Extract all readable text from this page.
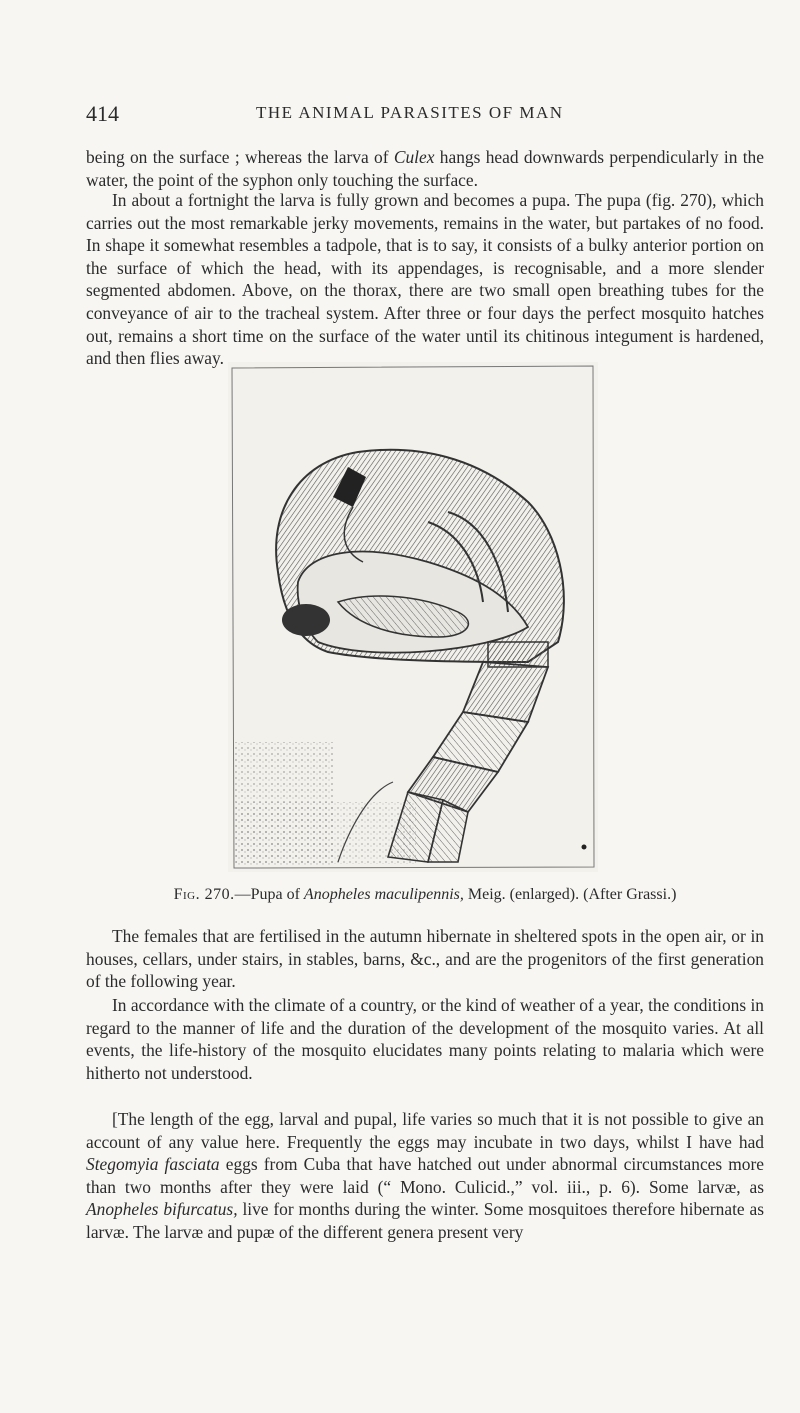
414	THE ANIMAL PARASITES OF MAN

being on the surface ; whereas the larva of Culex hangs head downwards perpendicularly in the water, the point of the syphon only touching the surface.

In about a fortnight the larva is fully grown and becomes a pupa. The pupa (fig. 270), which carries out the most remarkable jerky movements, remains in the water, but partakes of no food. In shape it somewhat resembles a tadpole, that is to say, it consists of a bulky anterior portion on the surface of which the head, with its appendages, is recognisable, and a more slender segmented abdomen. Above, on the thorax, there are two small open breathing tubes for the conveyance of air to the tracheal system. After three or four days the perfect mosquito hatches out, remains a short time on the surface of the water until its chitinous integument is hardened, and then flies away.

Fig. 270.—Pupa of Anopheles maculipennis, Meig. (enlarged). (After Grassi.)

The females that are fertilised in the autumn hibernate in sheltered spots in the open air, or in houses, cellars, under stairs, in stables, barns, &c., and are the progenitors of the first generation of the following year.

In accordance with the climate of a country, or the kind of weather of a year, the conditions in regard to the manner of life and the duration of the development of the mosquito varies. At all events, the life-history of the mosquito elucidates many points relating to malaria which were hitherto not understood.

[The length of the egg, larval and pupal, life varies so much that it is not possible to give an account of any value here. Frequently the eggs may incubate in two days, whilst I have had Stegomyia fasciata eggs from Cuba that have hatched out under abnormal circumstances more than two months after they were laid (“ Mono. Culicid.,” vol. iii., p. 6). Some larvæ, as Anopheles bifurcatus, live for months during the winter. Some mosquitoes therefore hibernate as larvæ. The larvæ and pupæ of the different genera present very
